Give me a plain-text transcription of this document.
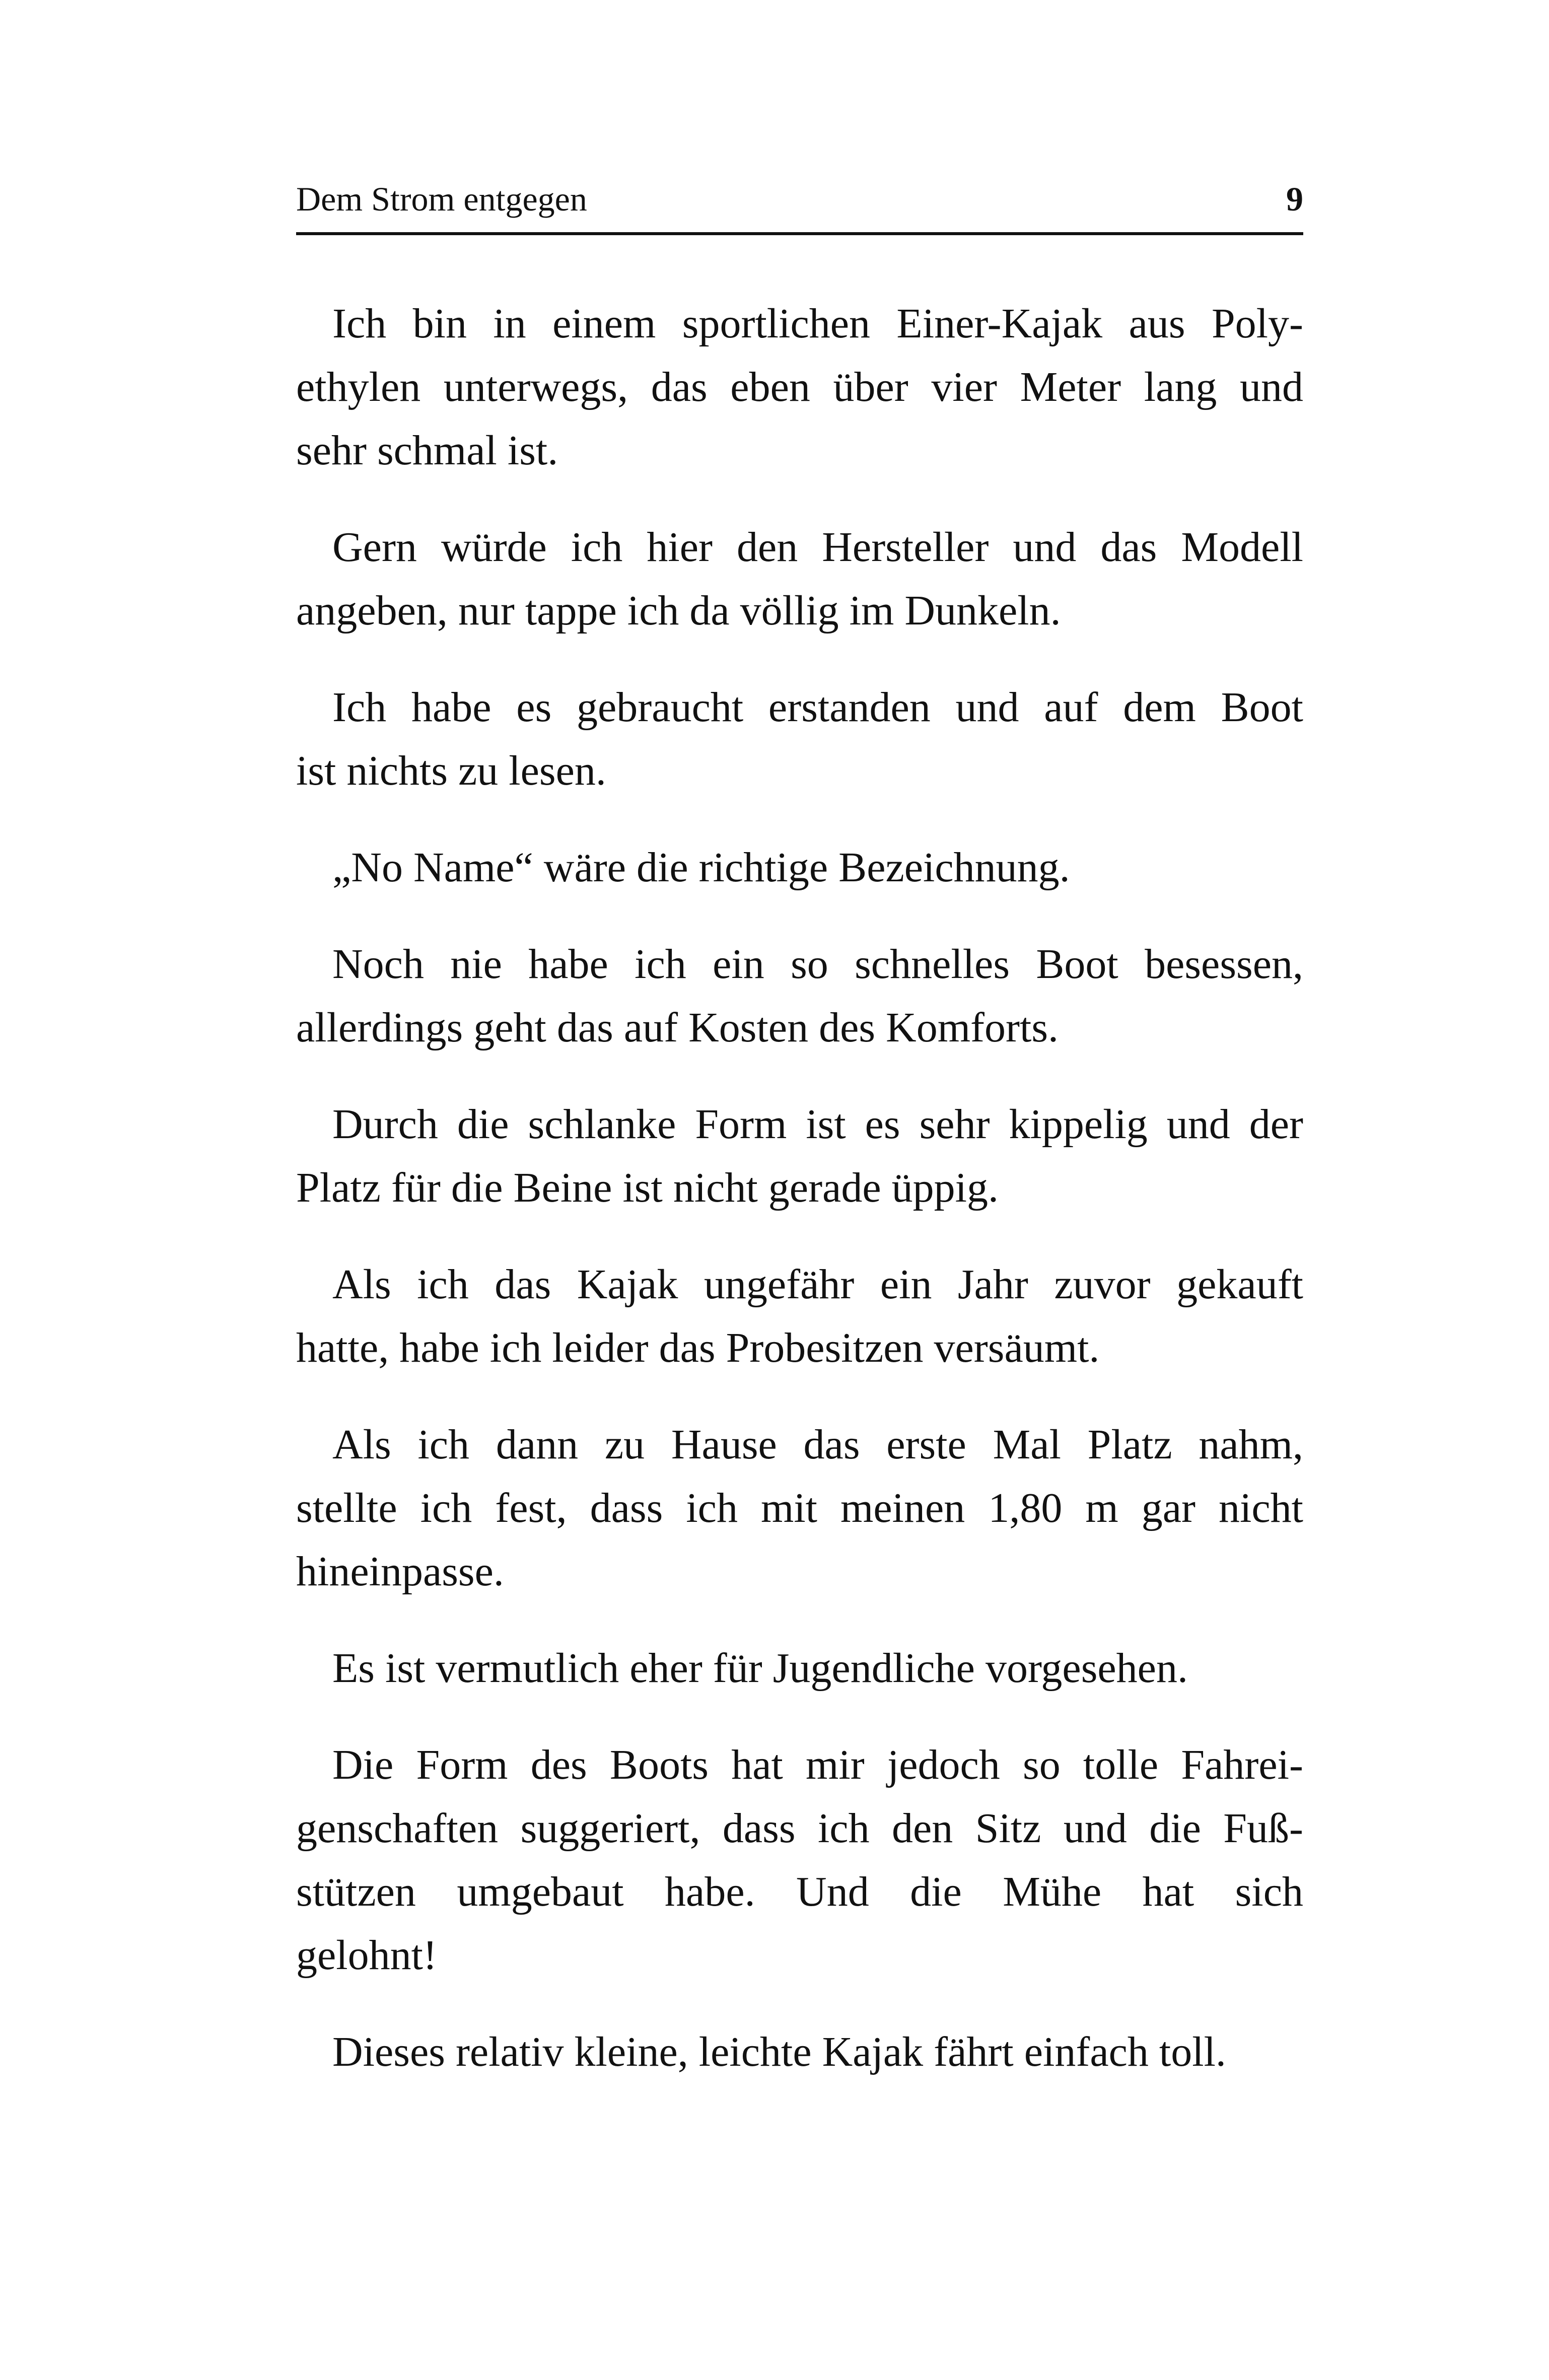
Dem Strom entgegen	9

Ich bin in einem sportlichen Einer-Kajak aus Poly-
ethylen unterwegs, das eben über vier Meter lang und
sehr schmal ist.

Gern würde ich hier den Hersteller und das Modell
angeben, nur tappe ich da völlig im Dunkeln.

Ich habe es gebraucht erstanden und auf dem Boot
ist nichts zu lesen.

„No Name“ wäre die richtige Bezeichnung.

Noch nie habe ich ein so schnelles Boot besessen,
allerdings geht das auf Kosten des Komforts.

Durch die schlanke Form ist es sehr kippelig und der
Platz für die Beine ist nicht gerade üppig.

Als ich das Kajak ungefähr ein Jahr zuvor gekauft
hatte, habe ich leider das Probesitzen versäumt.

Als ich dann zu Hause das erste Mal Platz nahm,
stellte ich fest, dass ich mit meinen 1,80 m gar nicht
hineinpasse.

Es ist vermutlich eher für Jugendliche vorgesehen.

Die Form des Boots hat mir jedoch so tolle Fahrei-
genschaften suggeriert, dass ich den Sitz und die Fuß-
stützen umgebaut habe. Und die Mühe hat sich
gelohnt!

Dieses relativ kleine, leichte Kajak fährt einfach toll.
